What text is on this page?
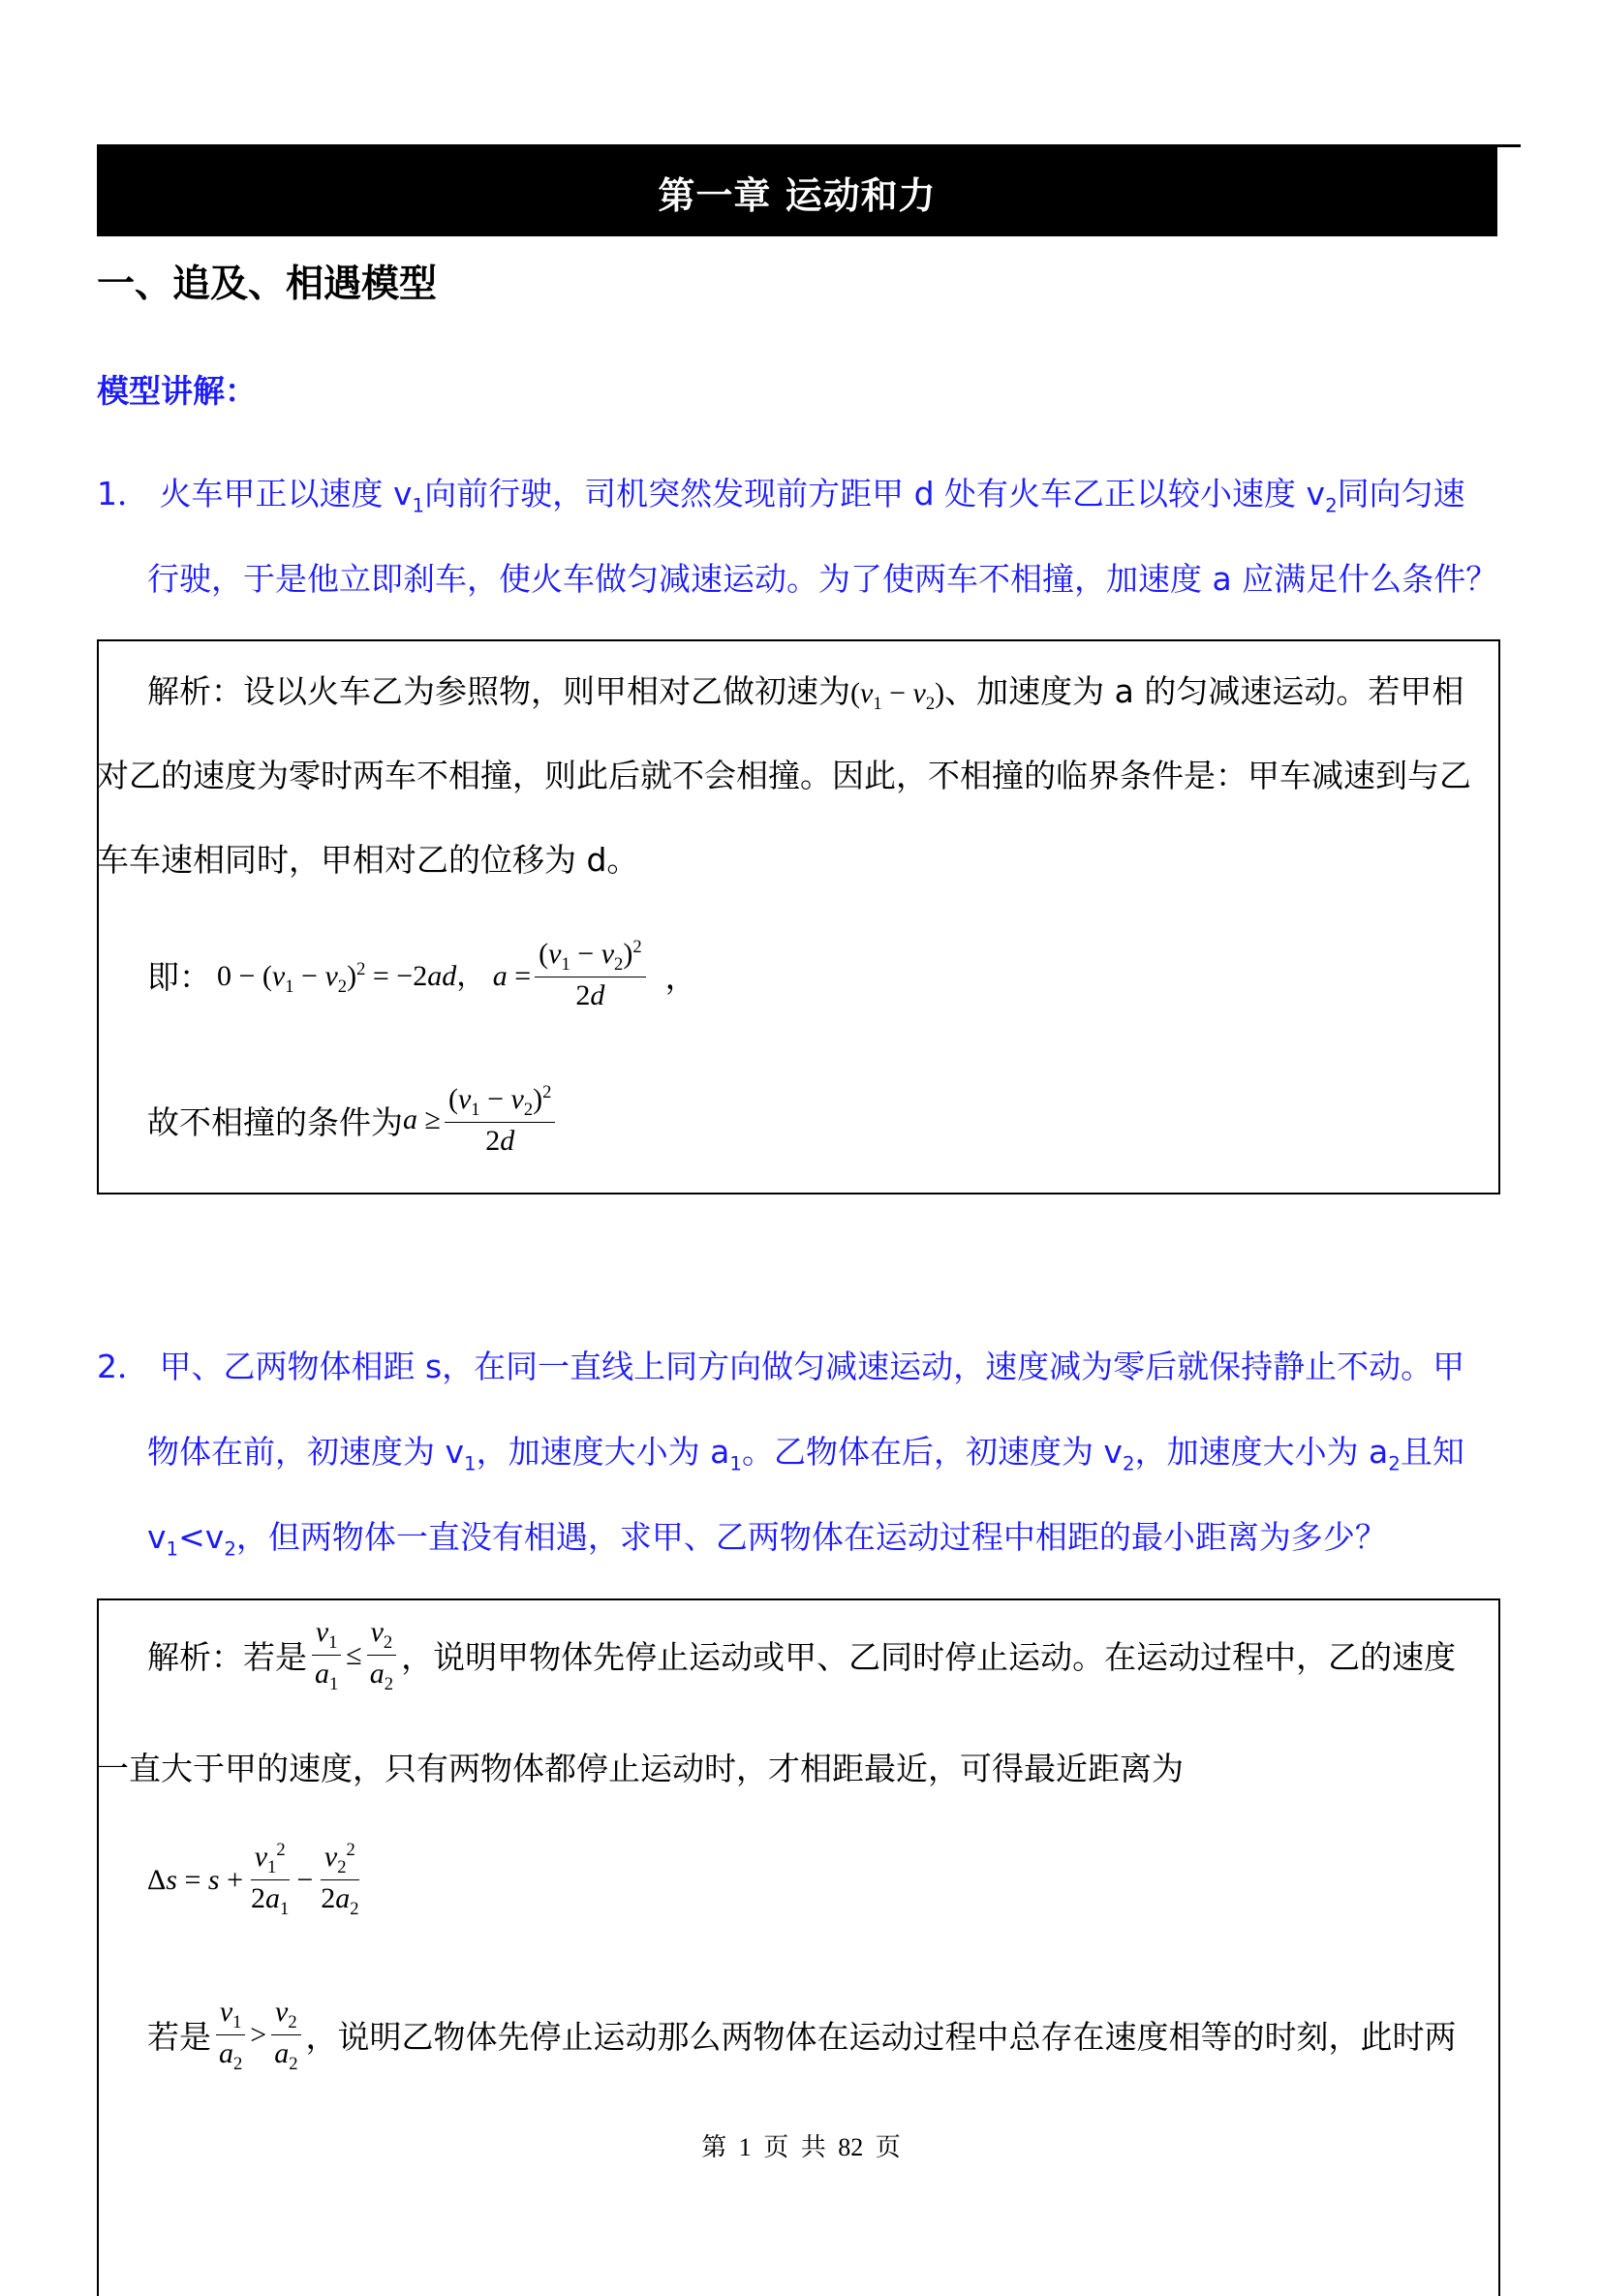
第一章 运动和力
一、追及、相遇模型
模型讲解：
1． 火车甲正以速度 $v_1$向前行驶，司机突然发现前方距甲 d 处有火车乙正以较小速度 $v_2$同向匀速
行驶，于是他立即刹车，使火车做匀减速运动。为了使两车不相撞，加速度 a 应满足什么条件？
解析：设以火车乙为参照物，则甲相对乙做初速为$(v_1 - v_2)$、加速度为 a 的匀减速运动。若甲相
对乙的速度为零时两车不相撞，则此后就不会相撞。因此，不相撞的临界条件是：甲车减速到与乙
车车速相同时，甲相对乙的位移为 d。
即： $0 - (v_1 - v_2)^2 = -2ad$， $a = \frac{(v_1 - v_2)^2}{2d}$ ，
故不相撞的条件为 $a \ge \frac{(v_1 - v_2)^2}{2d}$
2． 甲、乙两物体相距 s，在同一直线上同方向做匀减速运动，速度减为零后就保持静止不动。甲
物体在前，初速度为 $v_1$，加速度大小为 $a_1$。乙物体在后，初速度为 $v_2$，加速度大小为 $a_2$且知
$v_1<v_2$，但两物体一直没有相遇，求甲、乙两物体在运动过程中相距的最小距离为多少？
解析：若是 $\frac{v_1}{a_1} \le \frac{v_2}{a_2}$ ，说明甲物体先停止运动或甲、乙同时停止运动。在运动过程中，乙的速度
一直大于甲的速度，只有两物体都停止运动时，才相距最近，可得最近距离为
$\Delta s = s + \frac{v_1^2}{2a_1} - \frac{v_2^2}{2a_2}$
若是 $\frac{v_1}{a_2} > \frac{v_2}{a_2}$ ，说明乙物体先停止运动那么两物体在运动过程中总存在速度相等的时刻，此时两
第 1 页 共 82 页
